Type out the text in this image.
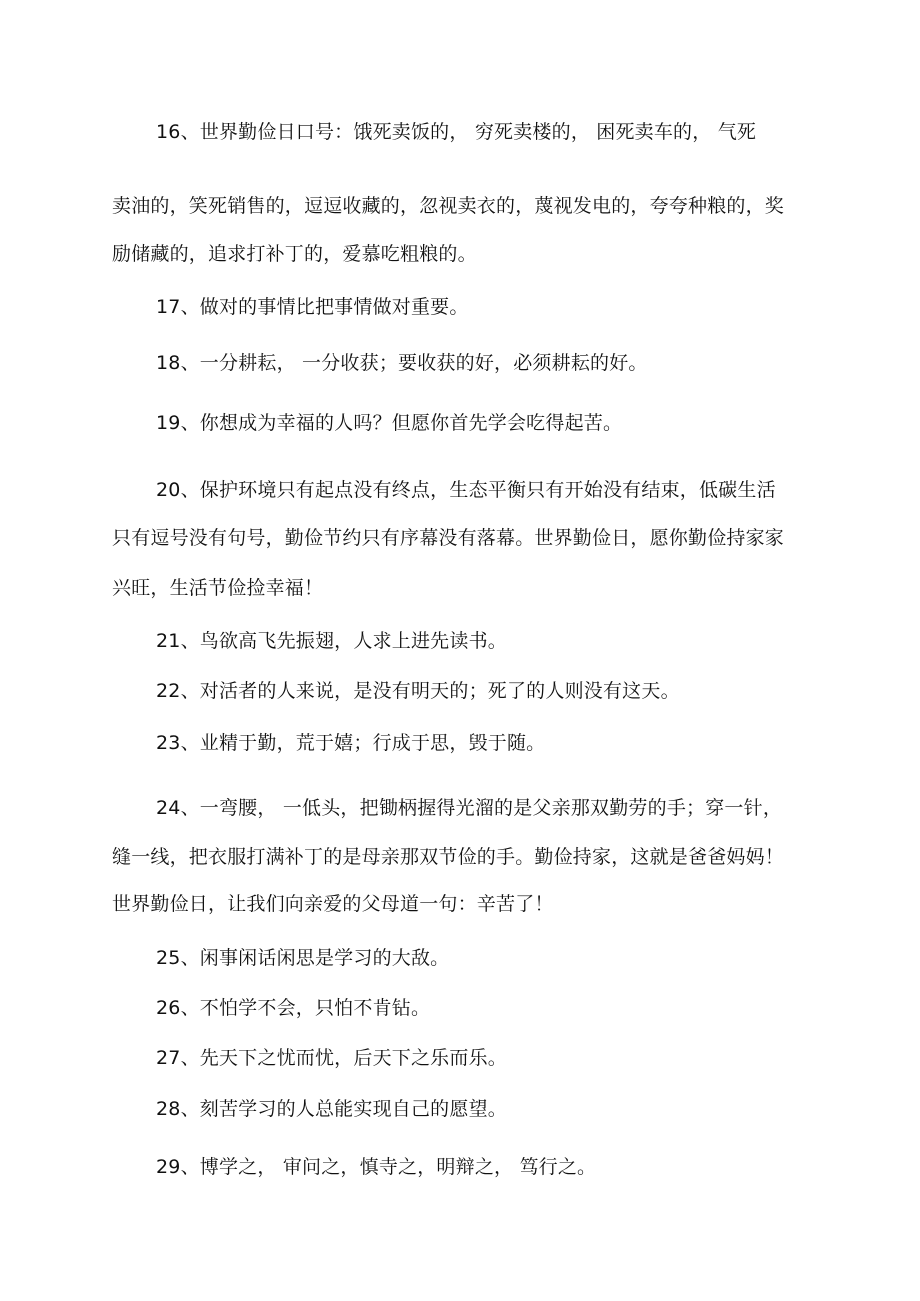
16、世界勤俭日口号：饿死卖饭的， 穷死卖楼的， 困死卖车的， 气死
卖油的，笑死销售的，逗逗收藏的，忽视卖衣的，蔑视发电的，夸夸种粮的，奖
励储藏的，追求打补丁的，爱慕吃粗粮的。
17、做对的事情比把事情做对重要。
18、一分耕耘， 一分收获；要收获的好，必须耕耘的好。
19、你想成为幸福的人吗？但愿你首先学会吃得起苦。
20、保护环境只有起点没有终点，生态平衡只有开始没有结束，低碳生活
只有逗号没有句号，勤俭节约只有序幕没有落幕。世界勤俭日，愿你勤俭持家家
兴旺，生活节俭捡幸福！
21、鸟欲高飞先振翅，人求上进先读书。
22、对活者的人来说，是没有明天的；死了的人则没有这天。
23、业精于勤，荒于嬉；行成于思，毁于随。
24、一弯腰， 一低头，把锄柄握得光溜的是父亲那双勤劳的手；穿一针，
缝一线，把衣服打满补丁的是母亲那双节俭的手。勤俭持家，这就是爸爸妈妈！
世界勤俭日，让我们向亲爱的父母道一句：辛苦了！
25、闲事闲话闲思是学习的大敌。
26、不怕学不会，只怕不肯钻。
27、先天下之忧而忧，后天下之乐而乐。
28、刻苦学习的人总能实现自己的愿望。
29、博学之， 审问之，慎寺之，明辩之， 笃行之。
